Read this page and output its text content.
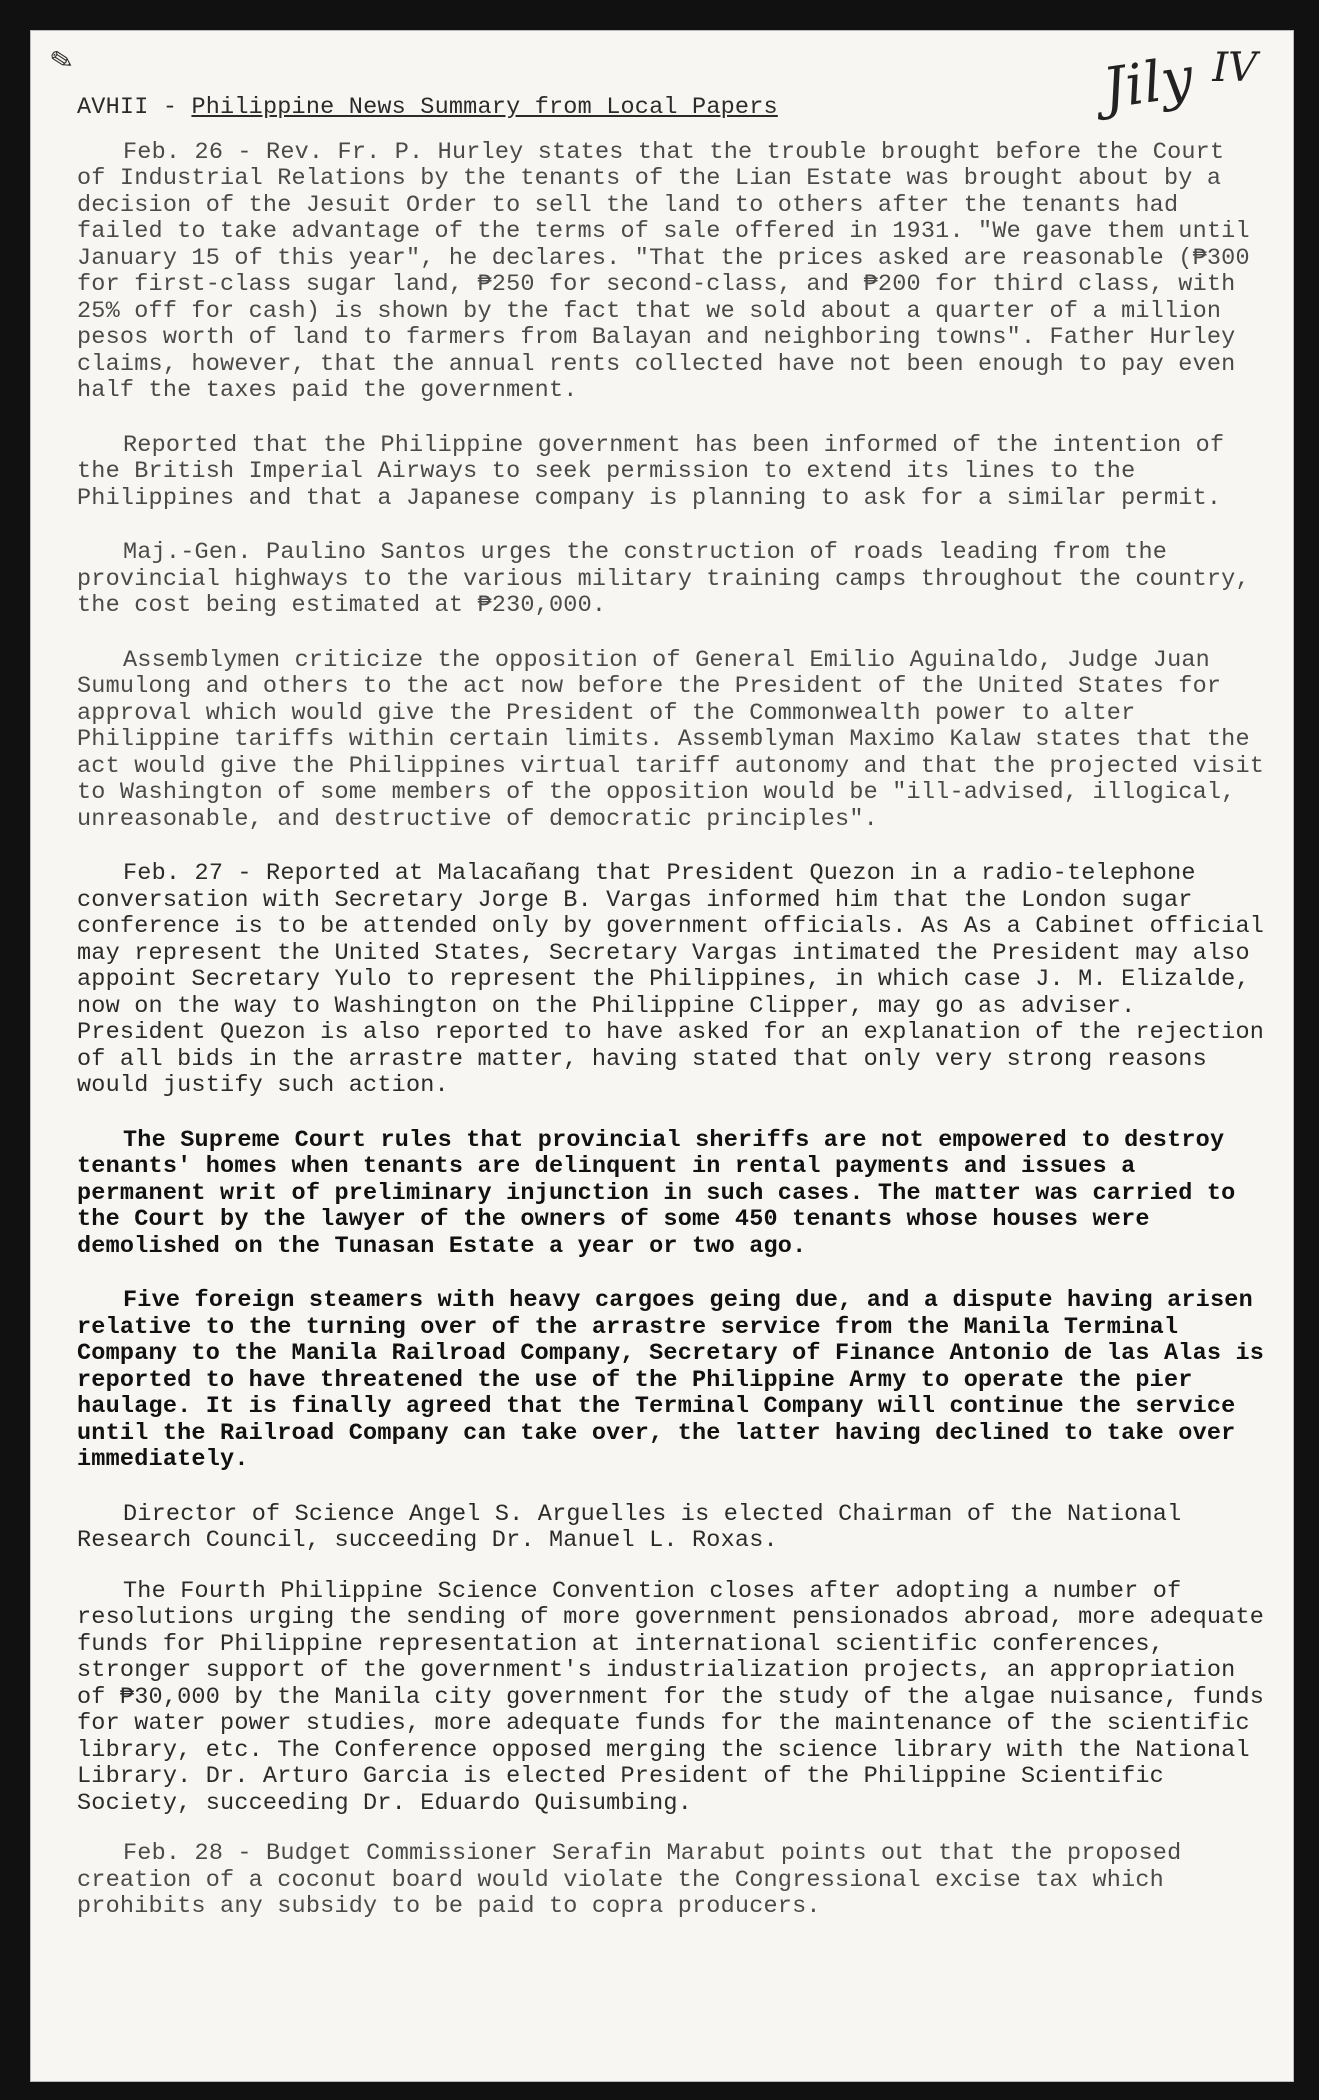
✎	Jily IV
AVHII - Philippine News Summary from Local Papers

Feb. 26 - Rev. Fr. P. Hurley states that the trouble brought before the Court of Industrial Relations by the tenants of the Lian Estate was brought about by a decision of the Jesuit Order to sell the land to others after the tenants had failed to take advantage of the terms of sale offered in 1931. "We gave them until January 15 of this year", he declares. "That the prices asked are reasonable (₱300 for first-class sugar land, ₱250 for second-class, and ₱200 for third class, with 25% off for cash) is shown by the fact that we sold about a quarter of a million pesos worth of land to farmers from Balayan and neighboring towns". Father Hurley claims, however, that the annual rents collected have not been enough to pay even half the taxes paid the government.

Reported that the Philippine government has been informed of the intention of the British Imperial Airways to seek permission to extend its lines to the Philippines and that a Japanese company is planning to ask for a similar permit.

Maj.-Gen. Paulino Santos urges the construction of roads leading from the provincial highways to the various military training camps throughout the country, the cost being estimated at ₱230,000.

Assemblymen criticize the opposition of General Emilio Aguinaldo, Judge Juan Sumulong and others to the act now before the President of the United States for approval which would give the President of the Commonwealth power to alter Philippine tariffs within certain limits. Assemblyman Maximo Kalaw states that the act would give the Philippines virtual tariff autonomy and that the projected visit to Washington of some members of the opposition would be "ill-advised, illogical, unreasonable, and destructive of democratic principles".

Feb. 27 - Reported at Malacañang that President Quezon in a radio-telephone conversation with Secretary Jorge B. Vargas informed him that the London sugar conference is to be attended only by government officials. As As a Cabinet official may represent the United States, Secretary Vargas intimated the President may also appoint Secretary Yulo to represent the Philippines, in which case J. M. Elizalde, now on the way to Washington on the Philippine Clipper, may go as adviser. President Quezon is also reported to have asked for an explanation of the rejection of all bids in the arrastre matter, having stated that only very strong reasons would justify such action.

The Supreme Court rules that provincial sheriffs are not empowered to destroy tenants' homes when tenants are delinquent in rental payments and issues a permanent writ of preliminary injunction in such cases. The matter was carried to the Court by the lawyer of the owners of some 450 tenants whose houses were demolished on the Tunasan Estate a year or two ago.

Five foreign steamers with heavy cargoes geing due, and a dispute having arisen relative to the turning over of the arrastre service from the Manila Terminal Company to the Manila Railroad Company, Secretary of Finance Antonio de las Alas is reported to have threatened the use of the Philippine Army to operate the pier haulage. It is finally agreed that the Terminal Company will continue the service until the Railroad Company can take over, the latter having declined to take over immediately.

Director of Science Angel S. Arguelles is elected Chairman of the National Research Council, succeeding Dr. Manuel L. Roxas.

The Fourth Philippine Science Convention closes after adopting a number of resolutions urging the sending of more government pensionados abroad, more adequate funds for Philippine representation at international scientific conferences, stronger support of the government's industrialization projects, an appropriation of ₱30,000 by the Manila city government for the study of the algae nuisance, funds for water power studies, more adequate funds for the maintenance of the scientific library, etc. The Conference opposed merging the science library with the National Library. Dr. Arturo Garcia is elected President of the Philippine Scientific Society, succeeding Dr. Eduardo Quisumbing.

Feb. 28 - Budget Commissioner Serafin Marabut points out that the proposed creation of a coconut board would violate the Congressional excise tax which prohibits any subsidy to be paid to copra producers.
